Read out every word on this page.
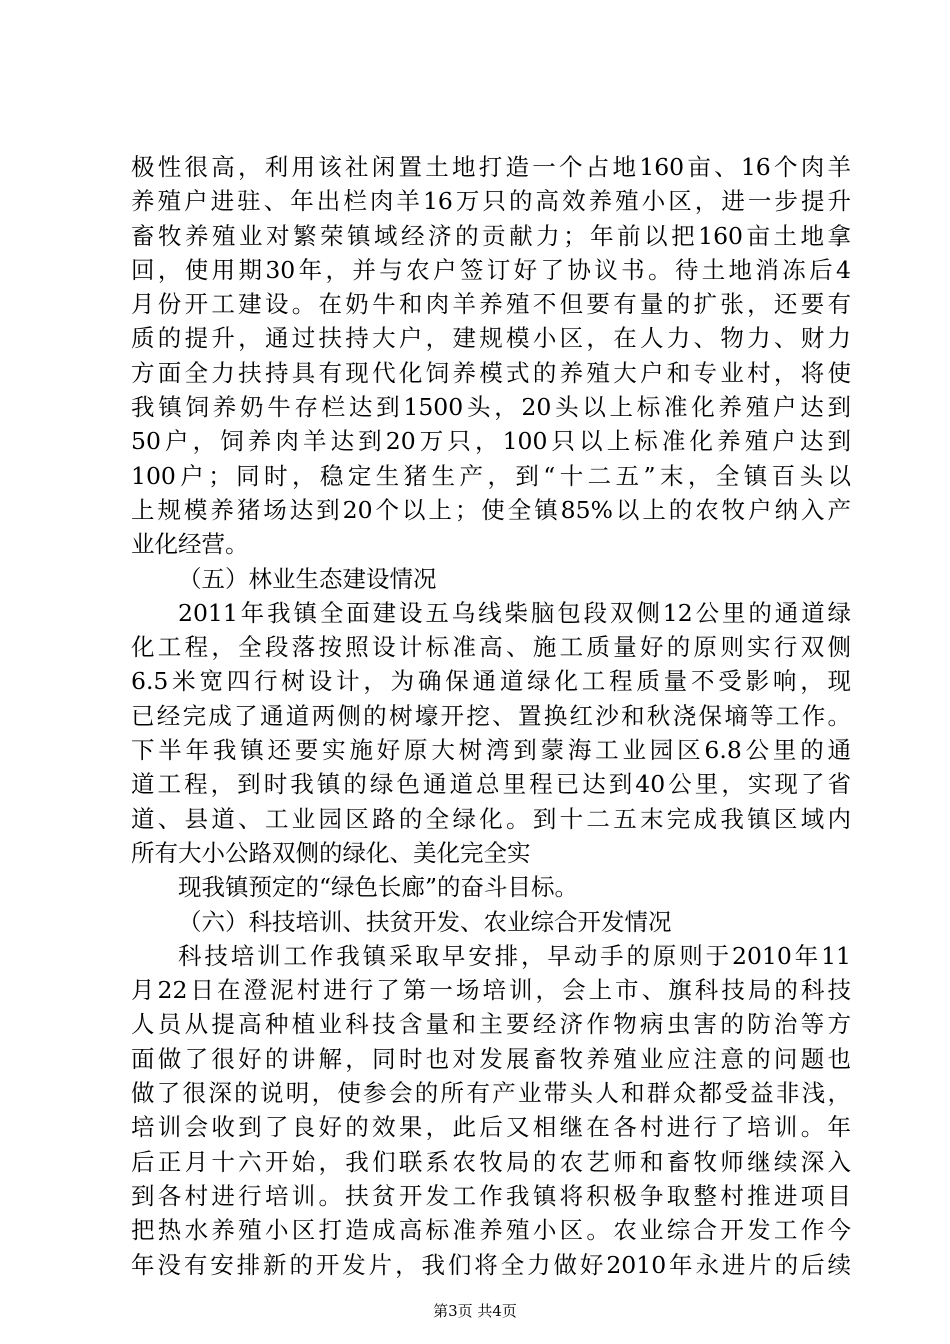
极性很高，利用该社闲置土地打造一个占地160亩、16个肉羊
养殖户进驻、年出栏肉羊16万只的高效养殖小区，进一步提升
畜牧养殖业对繁荣镇域经济的贡献力；年前以把160亩土地拿
回，使用期30年，并与农户签订好了协议书。待土地消冻后4
月份开工建设。在奶牛和肉羊养殖不但要有量的扩张，还要有
质的提升，通过扶持大户，建规模小区，在人力、物力、财力
方面全力扶持具有现代化饲养模式的养殖大户和专业村，将使
我镇饲养奶牛存栏达到1500头，20头以上标准化养殖户达到
50户，饲养肉羊达到20万只，100只以上标准化养殖户达到
100户；同时，稳定生猪生产，到“十二五”末，全镇百头以
上规模养猪场达到20个以上；使全镇85%以上的农牧户纳入产
业化经营。
（五）林业生态建设情况
2011年我镇全面建设五乌线柴脑包段双侧12公里的通道绿
化工程，全段落按照设计标准高、施工质量好的原则实行双侧
6.5米宽四行树设计，为确保通道绿化工程质量不受影响，现
已经完成了通道两侧的树壕开挖、置换红沙和秋浇保墒等工作。
下半年我镇还要实施好原大树湾到蒙海工业园区6.8公里的通
道工程，到时我镇的绿色通道总里程已达到40公里，实现了省
道、县道、工业园区路的全绿化。到十二五末完成我镇区域内
所有大小公路双侧的绿化、美化完全实
现我镇预定的“绿色长廊”的奋斗目标。
（六）科技培训、扶贫开发、农业综合开发情况
科技培训工作我镇采取早安排，早动手的原则于2010年11
月22日在澄泥村进行了第一场培训，会上市、旗科技局的科技
人员从提高种植业科技含量和主要经济作物病虫害的防治等方
面做了很好的讲解，同时也对发展畜牧养殖业应注意的问题也
做了很深的说明，使参会的所有产业带头人和群众都受益非浅，
培训会收到了良好的效果，此后又相继在各村进行了培训。年
后正月十六开始，我们联系农牧局的农艺师和畜牧师继续深入
到各村进行培训。扶贫开发工作我镇将积极争取整村推进项目
把热水养殖小区打造成高标准养殖小区。农业综合开发工作今
年没有安排新的开发片，我们将全力做好2010年永进片的后续
第3页 共4页
